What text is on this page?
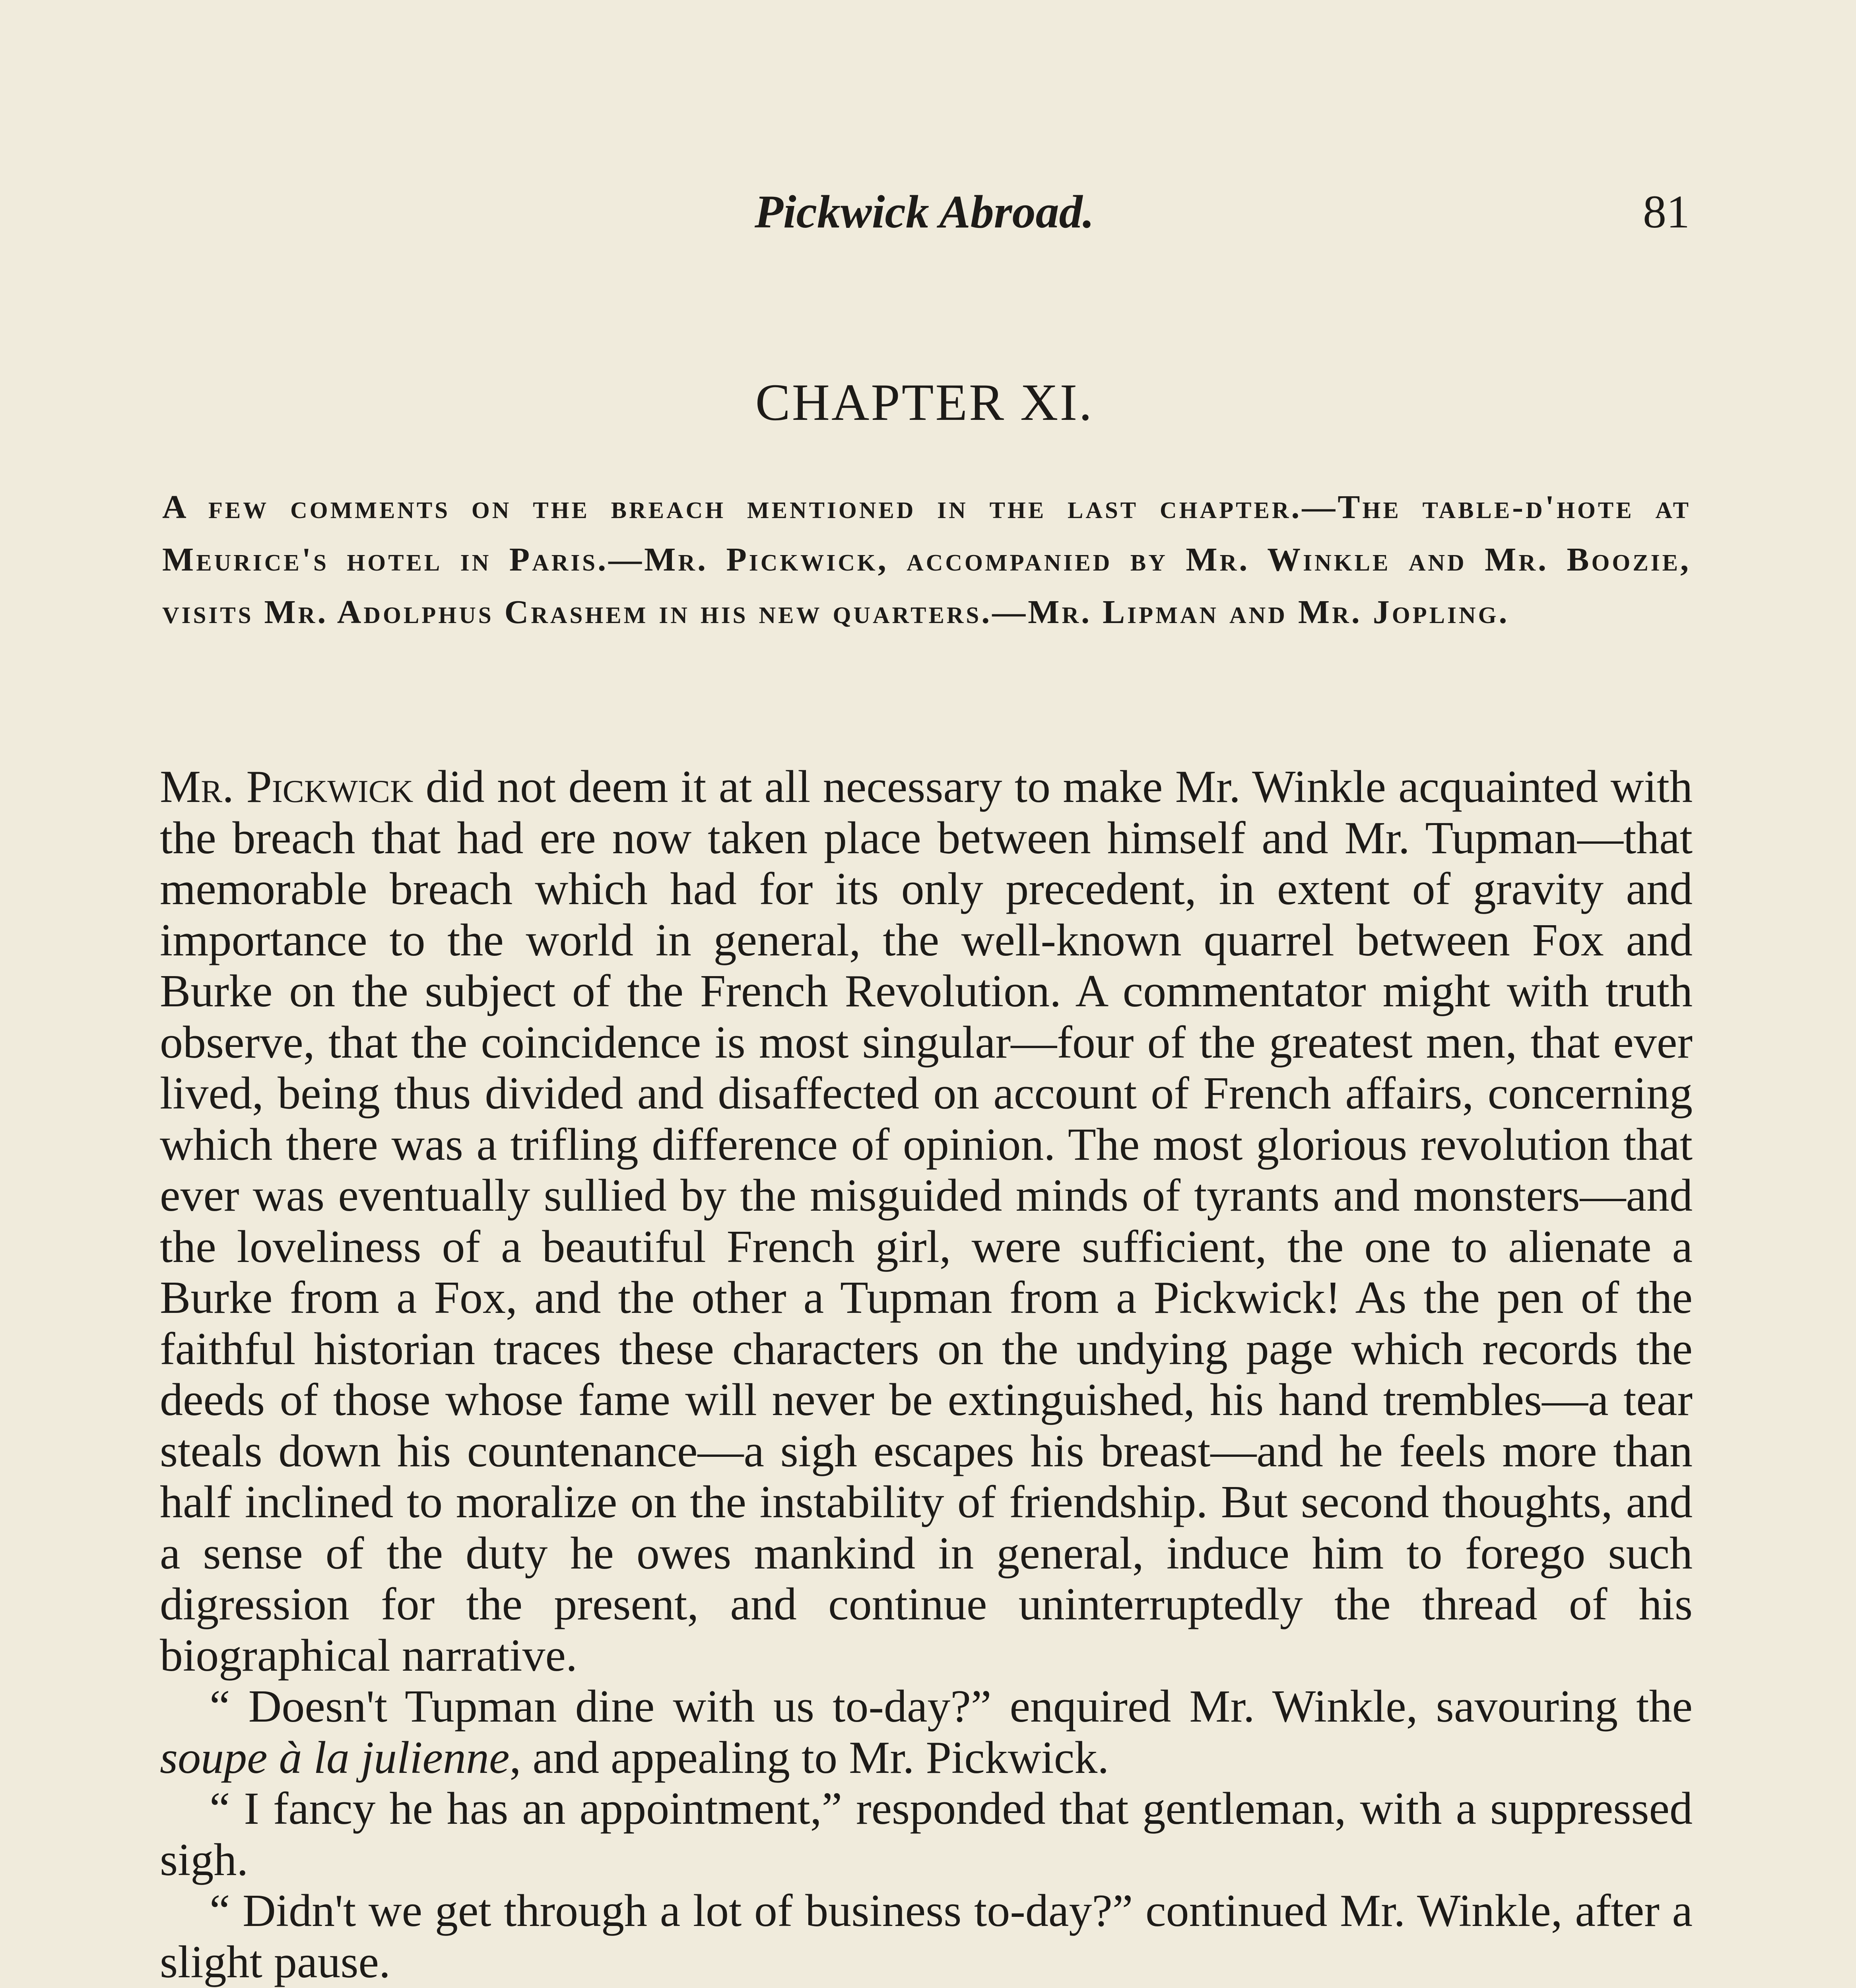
Pickwick Abroad.	81
CHAPTER XI.
A few comments on the breach mentioned in the last chapter.—The table-d'hote at Meurice's hotel in Paris.—Mr. Pickwick, accompanied by Mr. Winkle and Mr. Boozie, visits Mr. Adolphus Crashem in his new quarters.—Mr. Lipman and Mr. Jopling.

Mr. Pickwick did not deem it at all necessary to make Mr. Winkle acquainted with the breach that had ere now taken place between himself and Mr. Tupman—that memorable breach which had for its only precedent, in extent of gravity and importance to the world in general, the well-known quarrel between Fox and Burke on the subject of the French Revolution. A commentator might with truth observe, that the coincidence is most singular—four of the greatest men, that ever lived, being thus divided and disaffected on account of French affairs, concerning which there was a trifling difference of opinion. The most glorious revolution that ever was eventually sullied by the misguided minds of tyrants and monsters—and the loveliness of a beautiful French girl, were sufficient, the one to alienate a Burke from a Fox, and the other a Tupman from a Pickwick! As the pen of the faithful historian traces these characters on the undying page which records the deeds of those whose fame will never be extinguished, his hand trembles—a tear steals down his countenance—a sigh escapes his breast—and he feels more than half inclined to moralize on the instability of friendship. But second thoughts, and a sense of the duty he owes mankind in general, induce him to forego such digression for the present, and continue uninterruptedly the thread of his biographical narrative.

“ Doesn't Tupman dine with us to-day?” enquired Mr. Winkle, savouring the soupe à la julienne, and appealing to Mr. Pickwick.

“ I fancy he has an appointment,” responded that gentleman, with a suppressed sigh.

“ Didn't we get through a lot of business to-day?” continued Mr. Winkle, after a slight pause.
